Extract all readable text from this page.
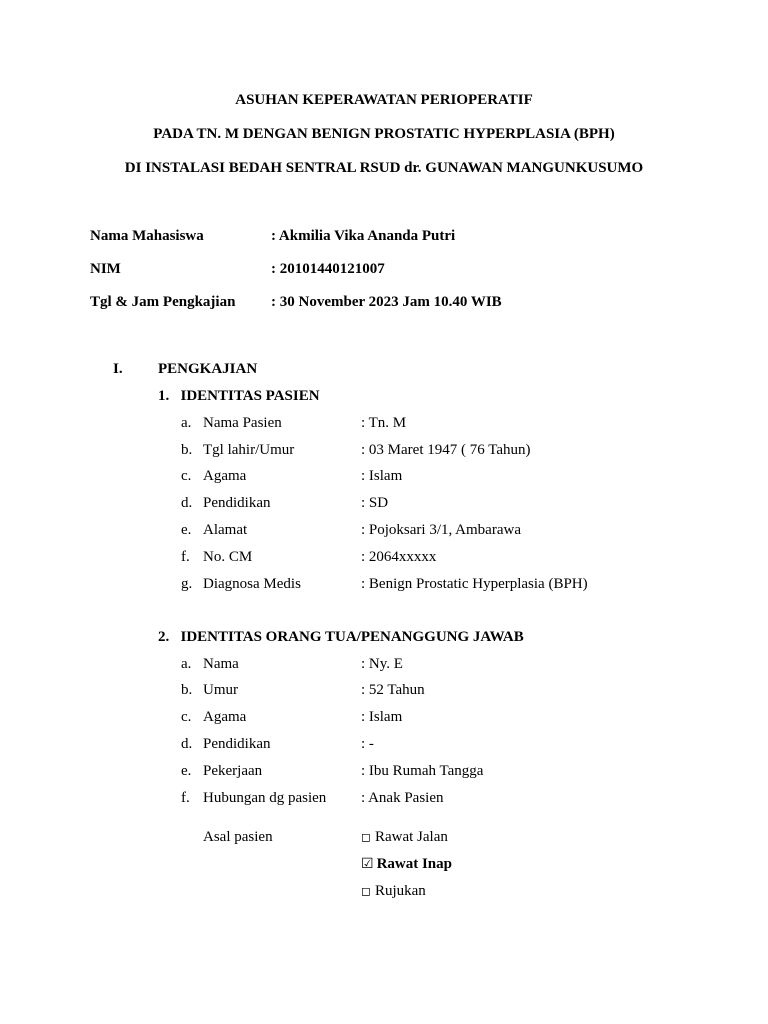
ASUHAN KEPERAWATAN PERIOPERATIF
PADA TN. M DENGAN BENIGN PROSTATIC HYPERPLASIA (BPH)
DI INSTALASI BEDAH SENTRAL RSUD dr. GUNAWAN MANGUNKUSUMO
Nama Mahasiswa	: Akmilia Vika Ananda Putri
NIM	: 20101440121007
Tgl & Jam Pengkajian : 30 November 2023 Jam 10.40 WIB
I. PENGKAJIAN
1.   IDENTITAS PASIEN
a. Nama Pasien	: Tn. M
b. Tgl lahir/Umur	: 03 Maret 1947 ( 76 Tahun)
c. Agama	: Islam
d. Pendidikan	: SD
e. Alamat	: Pojoksari 3/1, Ambarawa
f. No. CM	: 2064xxxxx
g. Diagnosa Medis	: Benign Prostatic Hyperplasia (BPH)
2.   IDENTITAS ORANG TUA/PENANGGUNG JAWAB
a. Nama	: Ny. E
b. Umur	: 52 Tahun
c. Agama	: Islam
d. Pendidikan	: -
e. Pekerjaan	: Ibu Rumah Tangga
f. Hubungan dg pasien : Anak Pasien
Asal pasien	◻ Rawat Jalan
☑ Rawat Inap
◻ Rujukan
